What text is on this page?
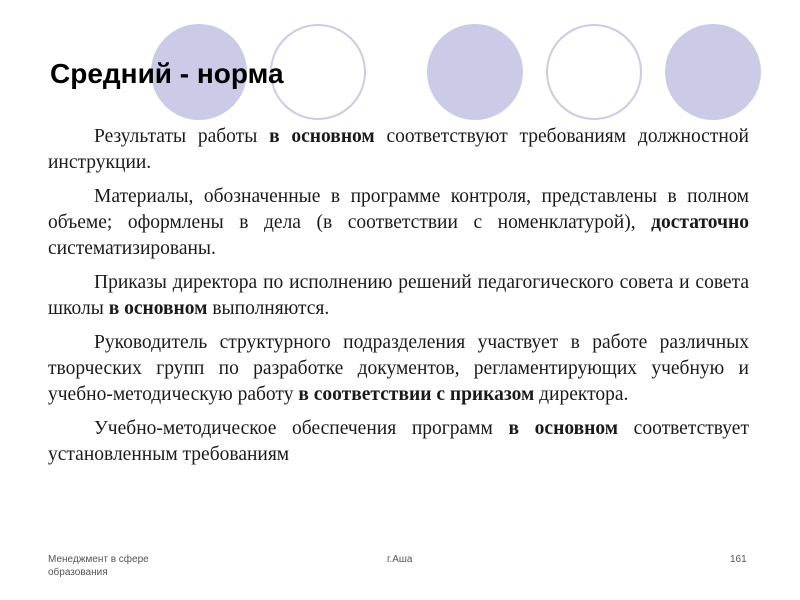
Средний - норма

Результаты работы в основном соответствуют требованиям должностной инструкции.

Материалы, обозначенные в программе контроля, представлены в полном объеме; оформлены в дела (в соответствии с номенклатурой), достаточно систематизированы.

Приказы директора по исполнению решений педагогического совета и совета школы в основном выполняются.

Руководитель структурного подразделения участвует в работе различных творческих групп по разработке документов, регламентирующих учебную и учебно-методическую работу в соответствии с приказом директора.

Учебно-методическое обеспечения программ в основном соответствует установленным требованиям

Менеджмент в сфере образования
г.Аша	161
